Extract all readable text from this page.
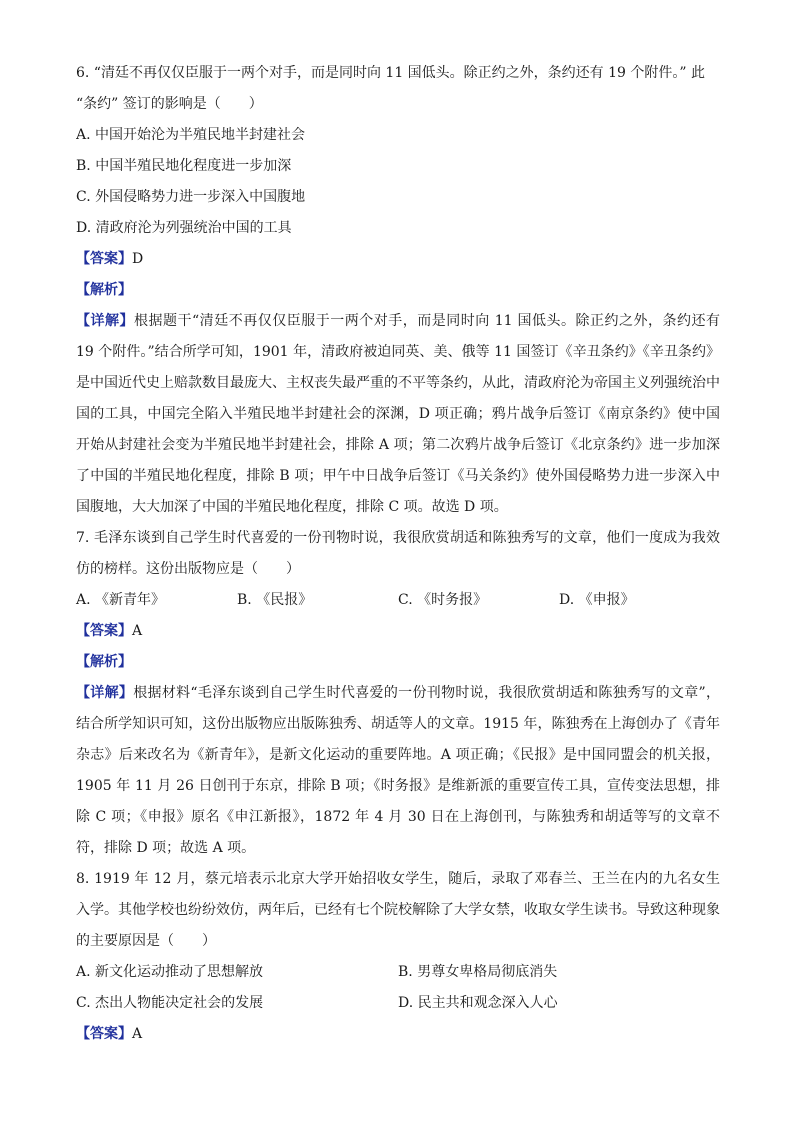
6. “清廷不再仅仅臣服于一两个对手，而是同时向 11 国低头。除正约之外，条约还有 19 个附件。” 此
“条约” 签订的影响是（　　）
A. 中国开始沦为半殖民地半封建社会
B. 中国半殖民地化程度进一步加深
C. 外国侵略势力进一步深入中国腹地
D. 清政府沦为列强统治中国的工具
【答案】D
【解析】
【详解】根据题干“清廷不再仅仅臣服于一两个对手，而是同时向 11 国低头。除正约之外，条约还有 19 个附件。”结合所学可知，1901 年，清政府被迫同英、美、俄等 11 国签订《辛丑条约》《辛丑条约》是中国近代史上赔款数目最庞大、主权丧失最严重的不平等条约，从此，清政府沦为帝国主义列强统治中国的工具，中国完全陷入半殖民地半封建社会的深渊，D 项正确；鸦片战争后签订《南京条约》使中国开始从封建社会变为半殖民地半封建社会，排除 A 项；第二次鸦片战争后签订《北京条约》进一步加深了中国的半殖民地化程度，排除 B 项；甲午中日战争后签订《马关条约》使外国侵略势力进一步深入中国腹地，大大加深了中国的半殖民地化程度，排除 C 项。故选 D 项。
7. 毛泽东谈到自己学生时代喜爱的一份刊物时说，我很欣赏胡适和陈独秀写的文章，他们一度成为我效仿的榜样。这份出版物应是（　　）
A. 《新青年》	B. 《民报》	C. 《时务报》	D. 《申报》
【答案】A
【解析】
【详解】根据材料“毛泽东谈到自己学生时代喜爱的一份刊物时说，我很欣赏胡适和陈独秀写的文章”，结合所学知识可知，这份出版物应出版陈独秀、胡适等人的文章。1915 年，陈独秀在上海创办了《青年杂志》后来改名为《新青年》，是新文化运动的重要阵地。A 项正确；《民报》是中国同盟会的机关报，1905 年 11 月 26 日创刊于东京，排除 B 项；《时务报》是维新派的重要宣传工具，宣传变法思想，排除 C 项；《申报》原名《申江新报》，1872 年 4 月 30 日在上海创刊，与陈独秀和胡适等写的文章不符，排除 D 项；故选 A 项。
8. 1919 年 12 月，蔡元培表示北京大学开始招收女学生，随后，录取了邓春兰、王兰在内的九名女生入学。其他学校也纷纷效仿，两年后，已经有七个院校解除了大学女禁，收取女学生读书。导致这种现象的主要原因是（　　）
A. 新文化运动推动了思想解放	B. 男尊女卑格局彻底消失
C. 杰出人物能决定社会的发展	D. 民主共和观念深入人心
【答案】A
